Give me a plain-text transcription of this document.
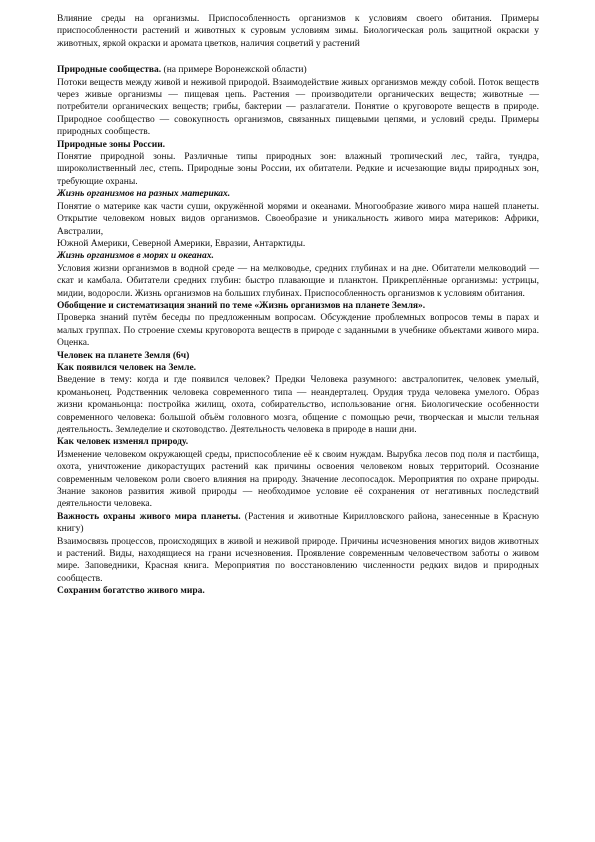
Влияние среды на организмы. Приспособленность организмов к условиям своего обитания. Примеры приспособленности растений и животных к суровым условиям зимы. Биологическая роль защитной окраски у животных, яркой окраски и аромата цветков, наличия соцветий у растений

Природные сообщества. (на примере Воронежской области)

Потоки веществ между живой и неживой природой. Взаимодействие живых организмов между собой. Поток веществ через живые организмы — пищевая цепь. Растения — производители органических веществ; животные — потребители органических веществ; грибы, бактерии — разлагатели. Понятие о круговороте веществ в природе. Природное сообщество — совокупность организмов, связанных пищевыми цепями, и условий среды. Примеры природных сообществ.

Природные зоны России.

Понятие природной зоны. Различные типы природных зон: влажный тропический лес, тайга, тундра, широколиственный лес, степь. Природные зоны России, их обитатели. Редкие и исчезающие виды природных зон, требующие охраны.

Жизнь организмов на разных материках.

Понятие о материке как части суши, окружённой морями и океанами. Многообразие живого мира нашей планеты. Открытие человеком новых видов организмов. Своеобразие и уникальность живого мира материков: Африки, Австралии,

Южной Америки, Северной Америки, Евразии, Антарктиды.

Жизнь организмов в морях и океанах.

Условия жизни организмов в водной среде — на мелководье, средних глубинах и на дне. Обитатели мелководий — скат и камбала. Обитатели средних глубин: быстро плавающие и планктон. Прикреплённые организмы: устрицы, мидии, водоросли. Жизнь организмов на больших глубинах. Приспособленность организмов к условиям обитания.

Обобщение и систематизация знаний по теме «Жизнь организмов на планете Земля».

Проверка знаний путём беседы по предложенным вопросам. Обсуждение проблемных вопросов темы в парах и малых группах. По строение схемы круговорота веществ в природе с заданными в учебнике объектами живого мира. Оценка.

Человек на планете Земля (6ч)

Как появился человек на Земле.

Введение в тему: когда и где появился человек? Предки Человека разумного: австралопитек, человек умелый, кроманьонец. Родственник человека современного типа — неандерталец. Орудия труда человека умелого. Образ жизни кроманьонца: постройка жилищ, охота, собирательство, использование огня. Биологические особенности современного человека: большой объём головного мозга, общение с помощью речи, творческая и мысли тельная деятельность. Земледелие и скотоводство. Деятельность человека в природе в наши дни.

Как человек изменял природу.

Изменение человеком окружающей среды, приспособление её к своим нуждам. Вырубка лесов под поля и пастбища, охота, уничтожение дикорастущих растений как причины освоения человеком новых территорий. Осознание современным человеком роли своего влияния на природу. Значение лесопосадок. Мероприятия по охране природы. Знание законов развития живой природы — необходимое условие её сохранения от негативных последствий деятельности человека.

Важность охраны живого мира планеты. (Растения и животные Кирилловского района, занесенные в Красную книгу)

Взаимосвязь процессов, происходящих в живой и неживой природе. Причины исчезновения многих видов животных и растений. Виды, находящиеся на грани исчезновения. Проявление современным человечеством заботы о живом мире. Заповедники, Красная книга. Мероприятия по восстановлению численности редких видов и природных сообществ.

Сохраним богатство живого мира.
